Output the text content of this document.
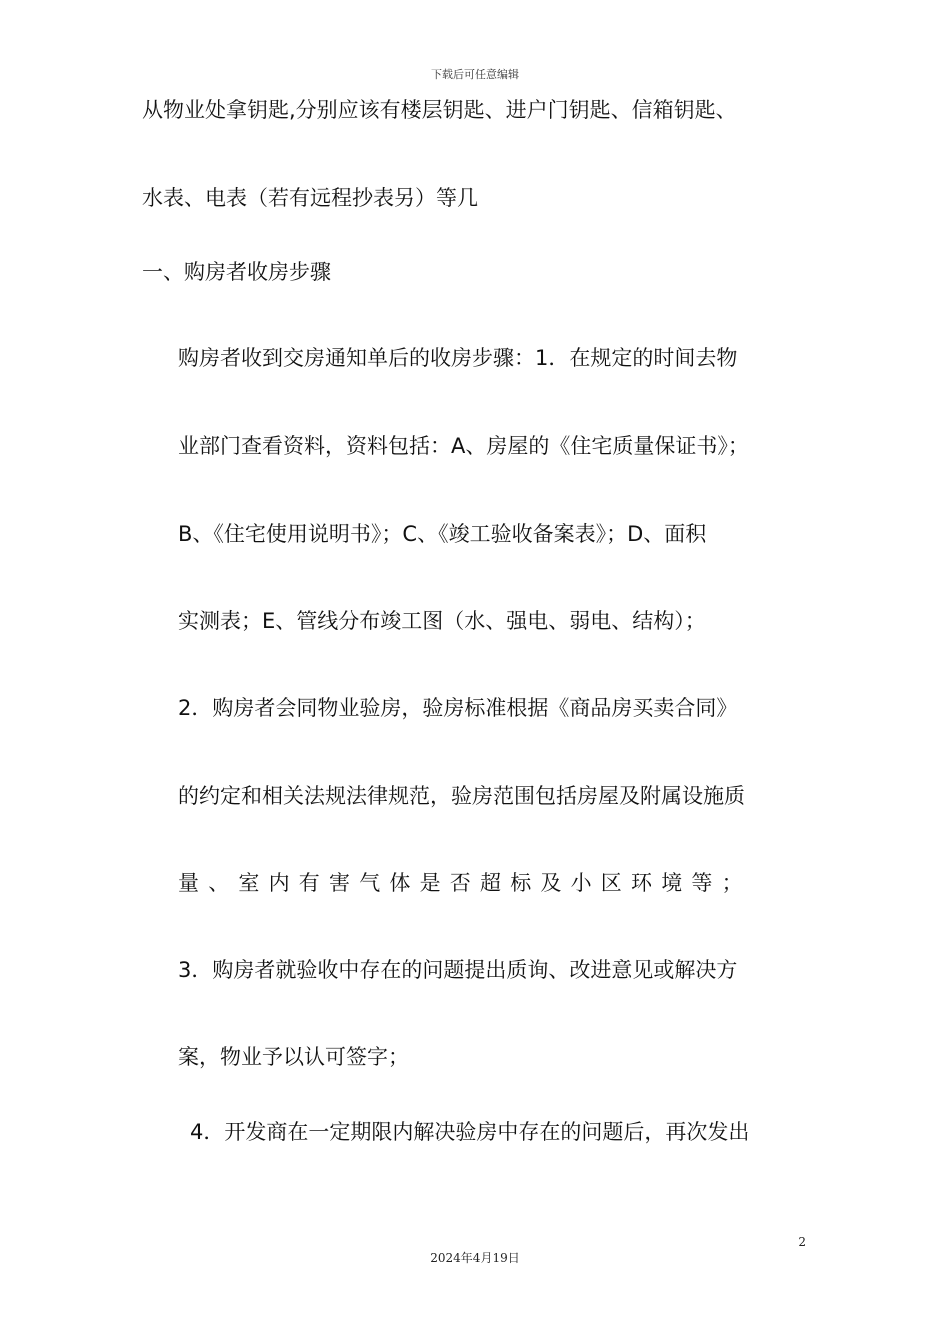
下载后可任意编辑
从物业处拿钥匙,分别应该有楼层钥匙、进户门钥匙、信箱钥匙、
水表、电表（若有远程抄表另）等几
一、购房者收房步骤
购房者收到交房通知单后的收房步骤：1．在规定的时间去物
业部门查看资料，资料包括：A、房屋的《住宅质量保证书》；
B、《住宅使用说明书》；C、《竣工验收备案表》；D、面积
实测表；E、管线分布竣工图（水、强电、弱电、结构）；
2．购房者会同物业验房，验房标准根据《商品房买卖合同》
的约定和相关法规法律规范，验房范围包括房屋及附属设施质
量、室内有害气体是否超标及小区环境等；
3．购房者就验收中存在的问题提出质询、改进意见或解决方
案，物业予以认可签字；
4．开发商在一定期限内解决验房中存在的问题后，再次发出
2
2024年4月19日
